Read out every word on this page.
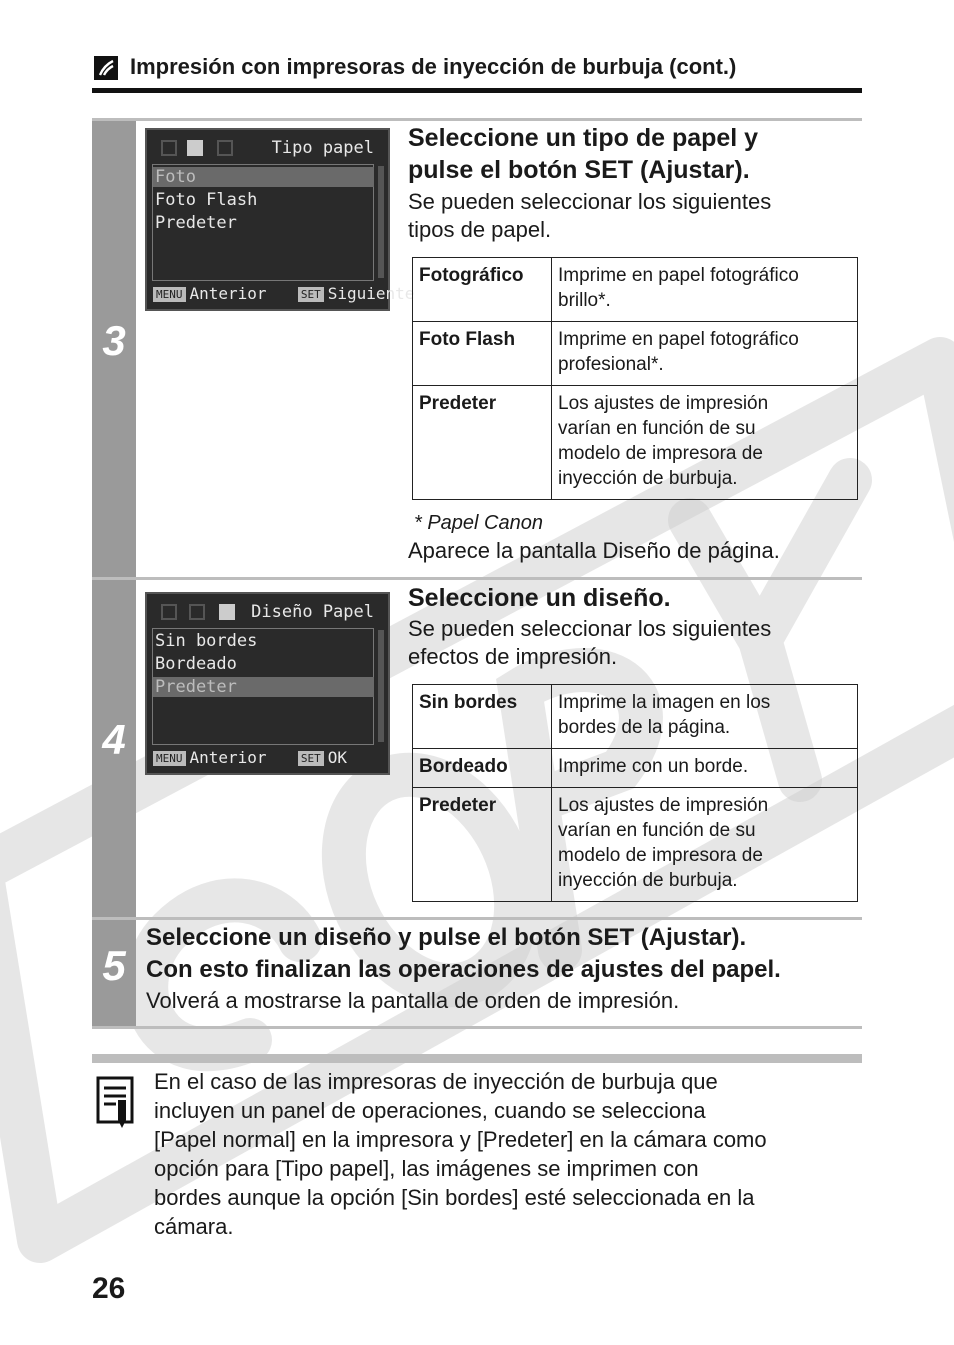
Impresión con impresoras de inyección de burbuja (cont.)
3
Tipo papel
Foto
Foto Flash
Predeter
MENU Anterior	SET Siguiente
Seleccione un tipo de papel y
pulse el botón SET (Ajustar).
Se pueden seleccionar los siguientes
tipos de papel.
Fotográfico	Imprime en papel fotográfico
brillo*.

Foto Flash	Imprime en papel fotográfico
profesional*.

Predeter	Los ajustes de impresión
varían en función de su
modelo de impresora de
inyección de burbuja.
* Papel Canon
Aparece la pantalla Diseño de página.
4
Diseño Papel
Sin bordes
Bordeado
Predeter
MENU Anterior	SET OK
Seleccione un diseño.
Se pueden seleccionar los siguientes
efectos de impresión.
Sin bordes	Imprime la imagen en los
bordes de la página.

Bordeado	Imprime con un borde.

Predeter	Los ajustes de impresión
varían en función de su
modelo de impresora de
inyección de burbuja.
5
Seleccione un diseño y pulse el botón SET (Ajustar).
Con esto finalizan las operaciones de ajustes del papel.
Volverá a mostrarse la pantalla de orden de impresión.
En el caso de las impresoras de inyección de burbuja que
incluyen un panel de operaciones, cuando se selecciona
[Papel normal] en la impresora y [Predeter] en la cámara como
opción para [Tipo papel], las imágenes se imprimen con
bordes aunque la opción [Sin bordes] esté seleccionada en la
cámara.
26
